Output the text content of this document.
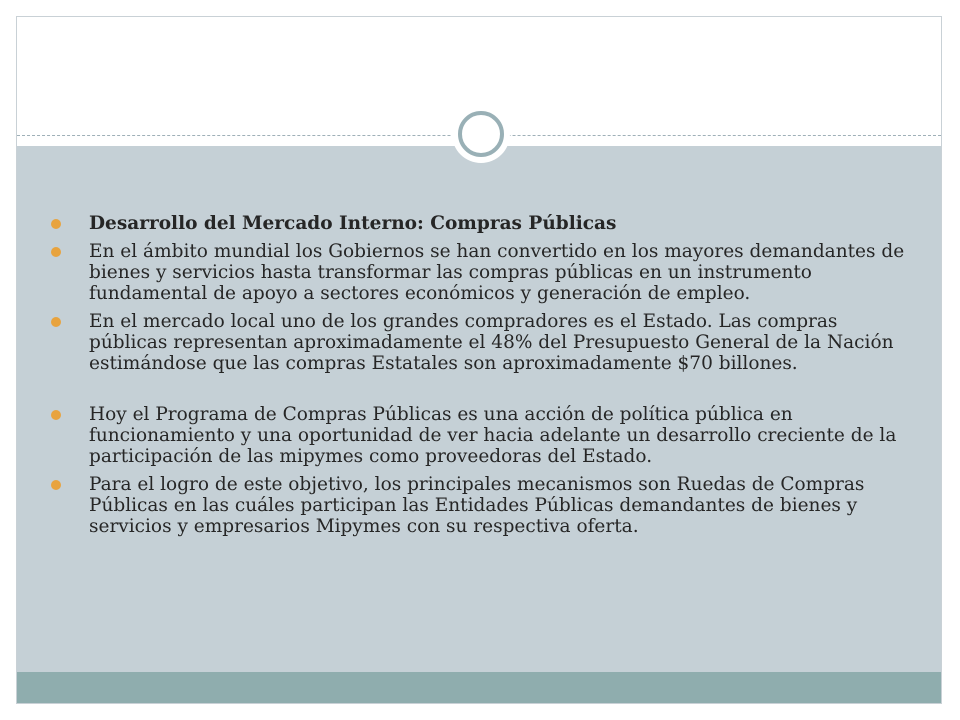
Desarrollo del Mercado Interno: Compras Públicas
En el ámbito mundial los Gobiernos se han convertido en los mayores demandantes de bienes y servicios hasta transformar las compras públicas en un instrumento fundamental de apoyo a sectores económicos y generación de empleo.
En el mercado local uno de los grandes compradores es el Estado. Las compras públicas representan aproximadamente el 48% del Presupuesto General de la Nación estimándose que las compras Estatales son aproximadamente $70 billones.
Hoy el Programa de Compras Públicas es una acción de política pública en funcionamiento y una oportunidad de ver hacia adelante un desarrollo creciente de la participación de las mipymes como proveedoras del Estado.
Para el logro de este objetivo, los principales mecanismos son Ruedas de Compras Públicas en las cuáles participan las Entidades Públicas demandantes de bienes y servicios y empresarios Mipymes con su respectiva oferta.
